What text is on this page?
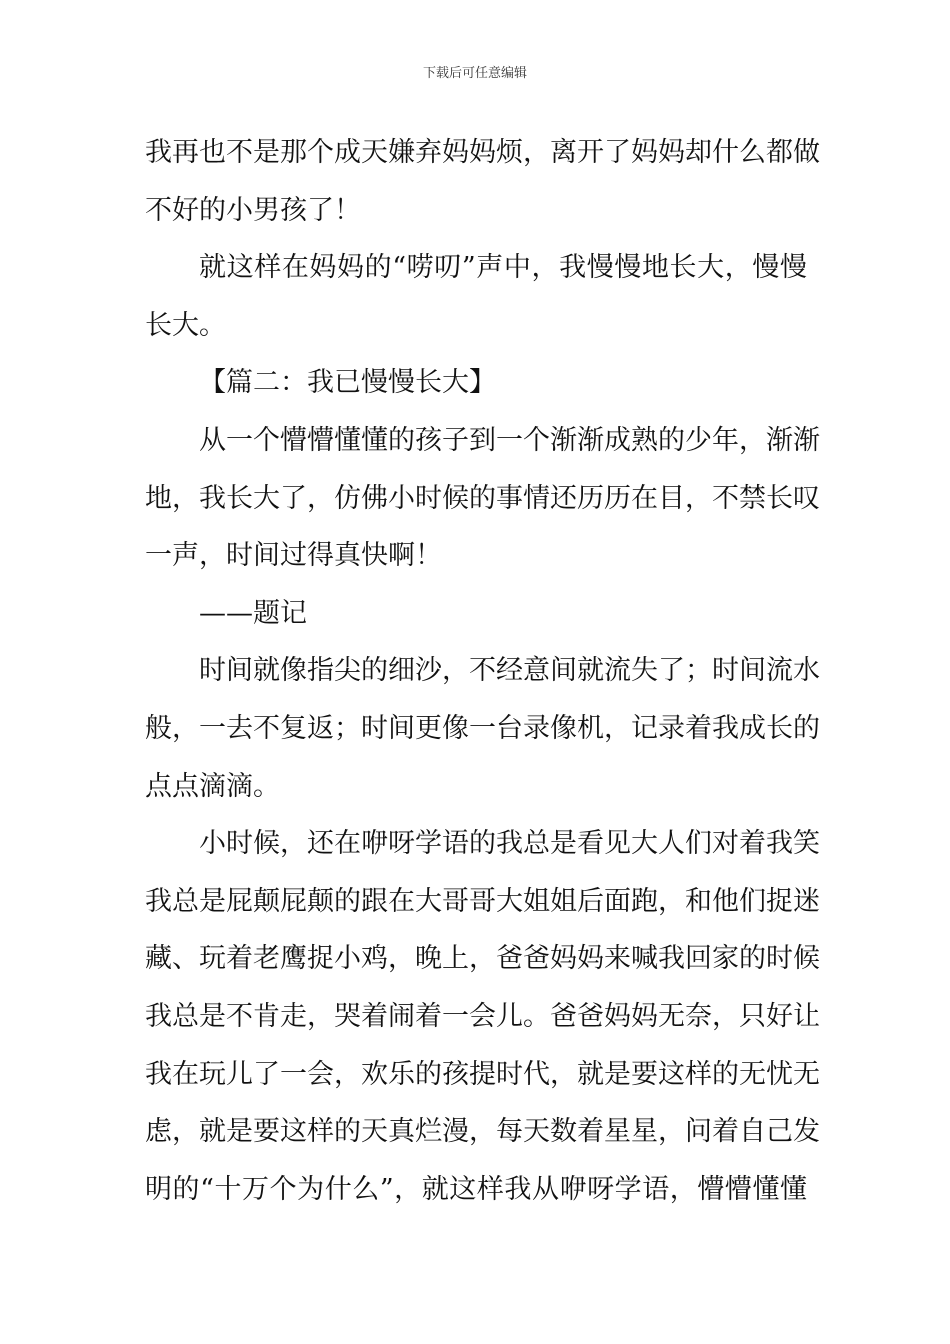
下载后可任意编辑
我再也不是那个成天嫌弃妈妈烦，离开了妈妈却什么都做
不好的小男孩了！
就这样在妈妈的“唠叨”声中，我慢慢地长大，慢慢
长大。
【篇二：我已慢慢长大】
从一个懵懵懂懂的孩子到一个渐渐成熟的少年，渐渐
地，我长大了，仿佛小时候的事情还历历在目，不禁长叹
一声，时间过得真快啊！
——题记
时间就像指尖的细沙，不经意间就流失了；时间流水
般，一去不复返；时间更像一台录像机，记录着我成长的
点点滴滴。
小时候，还在咿呀学语的我总是看见大人们对着我笑
我总是屁颠屁颠的跟在大哥哥大姐姐后面跑，和他们捉迷
藏、玩着老鹰捉小鸡，晚上，爸爸妈妈来喊我回家的时候
我总是不肯走，哭着闹着一会儿。爸爸妈妈无奈，只好让
我在玩儿了一会，欢乐的孩提时代，就是要这样的无忧无
虑，就是要这样的天真烂漫，每天数着星星，问着自己发
明的“十万个为什么”，就这样我从咿呀学语，懵懵懂懂
